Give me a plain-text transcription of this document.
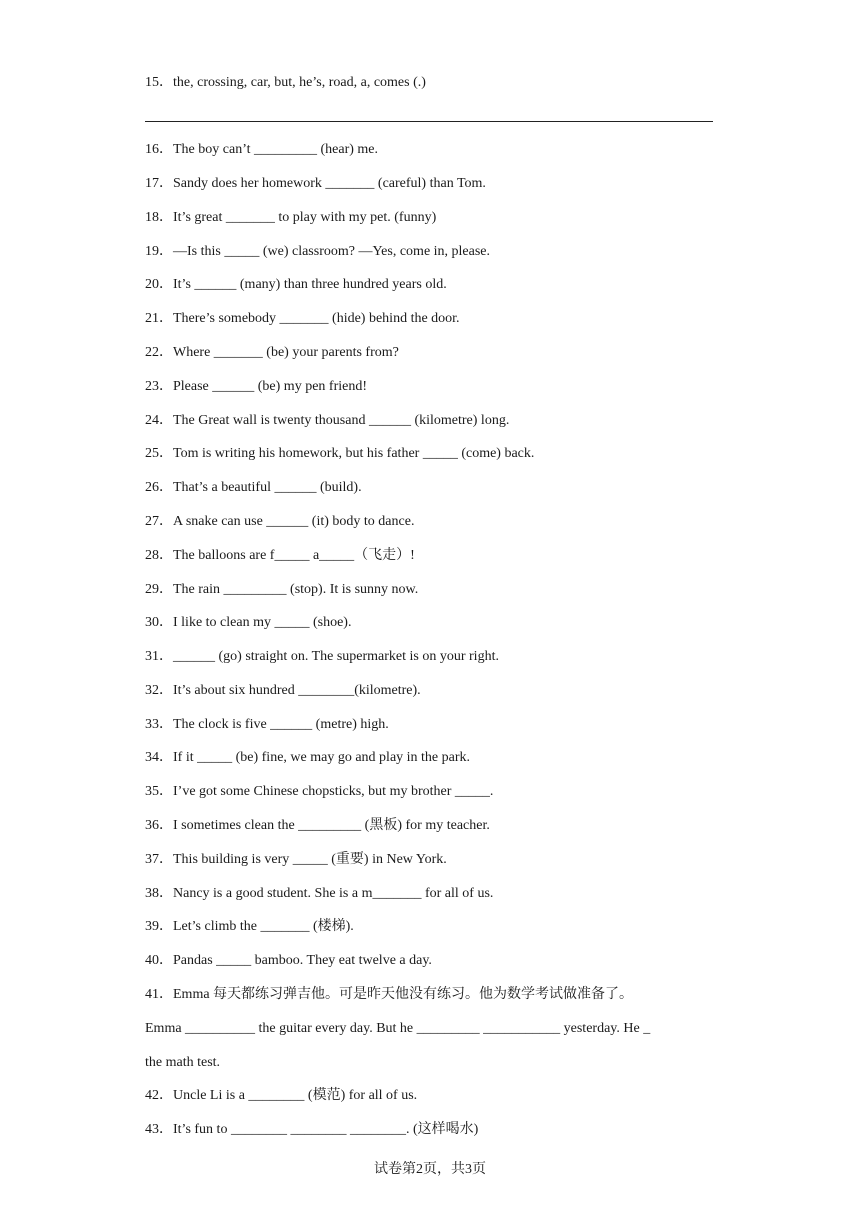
15．the, crossing, car, but, he’s, road, a, comes (.)
16．The boy can’t _________ (hear) me.
17．Sandy does her homework _______ (careful) than Tom.
18．It’s great _______ to play with my pet. (funny)
19．—Is this _____ (we) classroom? —Yes, come in, please.
20．It’s ______ (many) than three hundred years old.
21．There’s somebody _______ (hide) behind the door.
22．Where _______ (be) your parents from?
23．Please ______ (be) my pen friend!
24．The Great wall is twenty thousand ______ (kilometre) long.
25．Tom is writing his homework, but his father _____ (come) back.
26．That’s a beautiful ______ (build).
27．A snake can use ______ (it) body to dance.
28．The balloons are f_____ a_____（飞走）!
29．The rain _________ (stop). It is sunny now.
30．I like to clean my _____ (shoe).
31．______ (go) straight on. The supermarket is on your right.
32．It’s about six hundred ________(kilometre).
33．The clock is five ______ (metre) high.
34．If it _____ (be) fine, we may go and play in the park.
35．I’ve got some Chinese chopsticks, but my brother _____.
36．I sometimes clean the _________ (黑板) for my teacher.
37．This building is very _____ (重要) in New York.
38．Nancy is a good student. She is a m_______ for all of us.
39．Let’s climb the _______ (楼梯).
40．Pandas _____ bamboo. They eat twelve a day.
41．Emma 每天都练习弹吉他。可是昨天他没有练习。他为数学考试做准备了。
Emma __________ the guitar every day. But he _________ ___________ yesterday. He _
the math test.
42．Uncle Li is a ________ (模范) for all of us.
43．It’s fun to ________ ________ ________. (这样喝水)
试卷第2页，共3页
